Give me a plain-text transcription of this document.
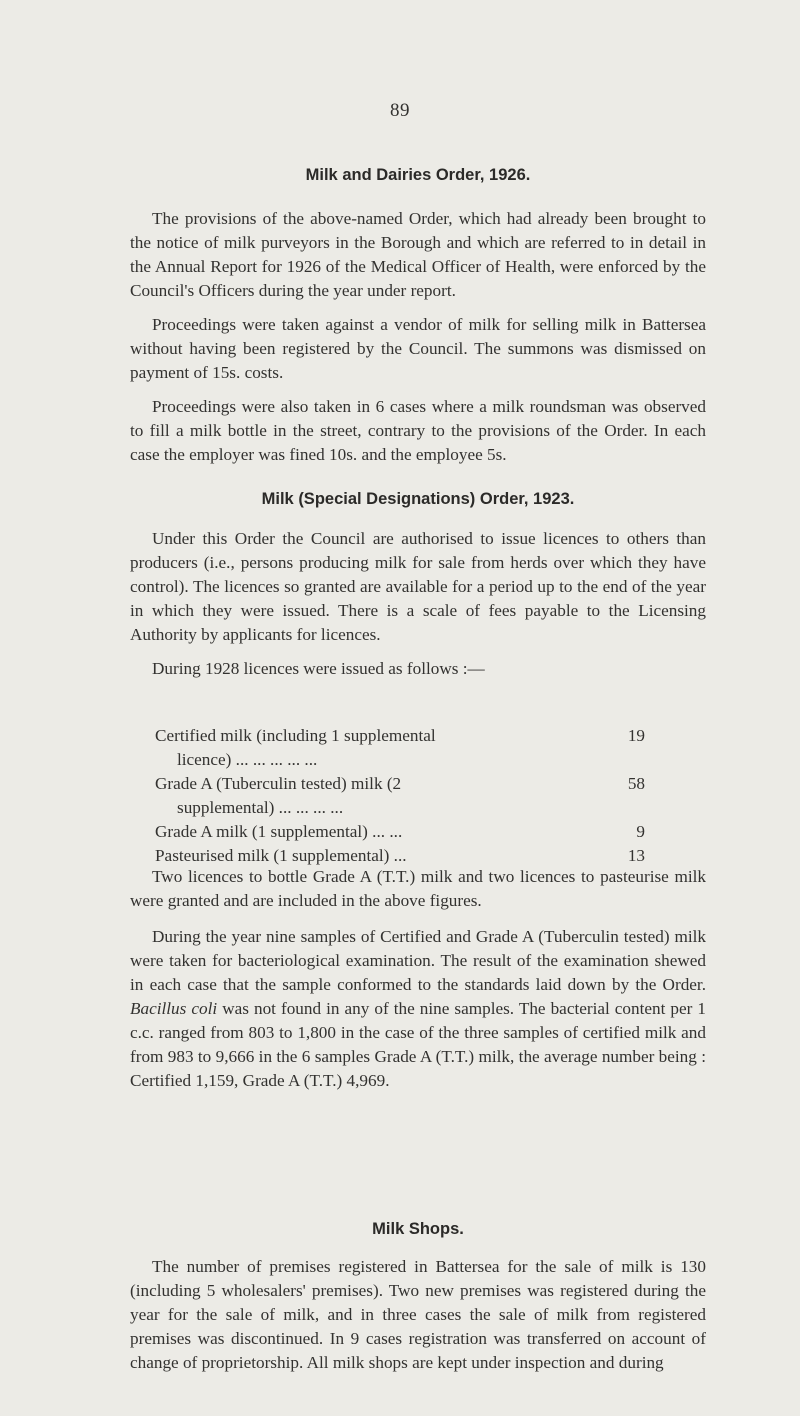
89
Milk and Dairies Order, 1926.

The provisions of the above-named Order, which had already been brought to the notice of milk purveyors in the Borough and which are referred to in detail in the Annual Report for 1926 of the Medical Officer of Health, were enforced by the Council's Officers during the year under report.

Proceedings were taken against a vendor of milk for selling milk in Battersea without having been registered by the Council. The summons was dismissed on payment of 15s. costs.

Proceedings were also taken in 6 cases where a milk roundsman was observed to fill a milk bottle in the street, contrary to the provisions of the Order. In each case the employer was fined 10s. and the employee 5s.

Milk (Special Designations) Order, 1923.

Under this Order the Council are authorised to issue licences to others than producers (i.e., persons producing milk for sale from herds over which they have control). The licences so granted are available for a period up to the end of the year in which they were issued. There is a scale of fees payable to the Licensing Authority by applicants for licences.

During 1928 licences were issued as follows :—

Certified milk (including 1 supplemental
licence) ... ... ... ... ...
19
Grade A (Tuberculin tested) milk (2
supplemental) ... ... ... ...
58
Grade A milk (1 supplemental) ... ...	9
Pasteurised milk (1 supplemental) ...	13

Two licences to bottle Grade A (T.T.) milk and two licences to pasteurise milk were granted and are included in the above figures.

During the year nine samples of Certified and Grade A (Tuberculin tested) milk were taken for bacteriological examination. The result of the examination shewed in each case that the sample conformed to the standards laid down by the Order. Bacillus coli was not found in any of the nine samples. The bacterial content per 1 c.c. ranged from 803 to 1,800 in the case of the three samples of certified milk and from 983 to 9,666 in the 6 samples Grade A (T.T.) milk, the average number being : Certified 1,159, Grade A (T.T.) 4,969.

Milk Shops.

The number of premises registered in Battersea for the sale of milk is 130 (including 5 wholesalers' premises). Two new premises was registered during the year for the sale of milk, and in three cases the sale of milk from registered premises was discontinued. In 9 cases registration was transferred on account of change of proprietorship. All milk shops are kept under inspection and during
